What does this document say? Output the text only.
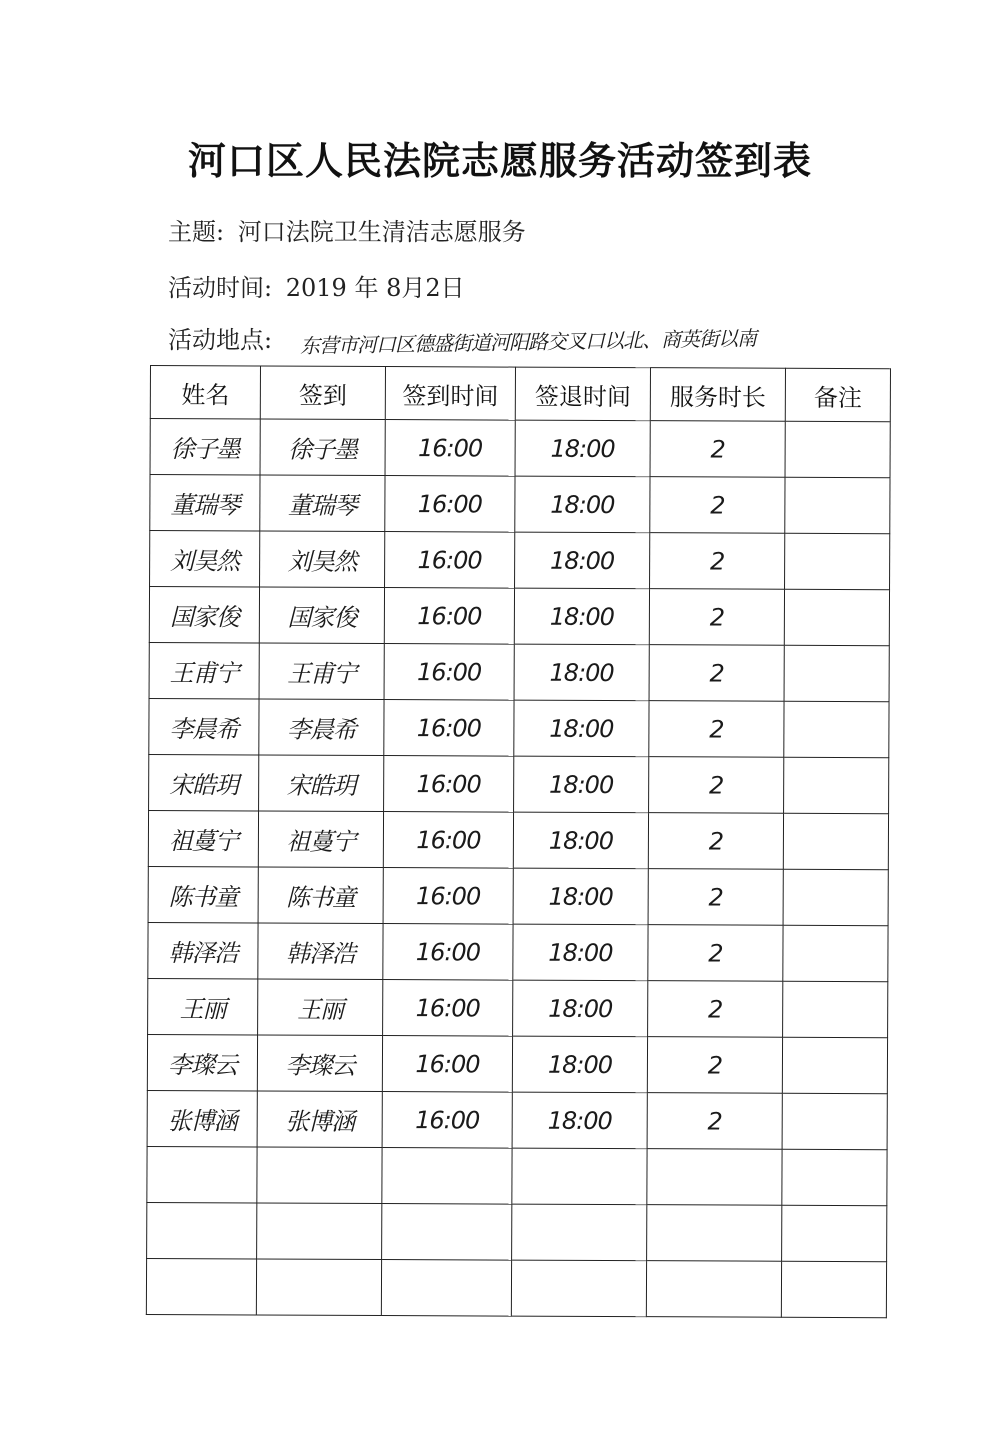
河口区人民法院志愿服务活动签到表
主题: 河口法院卫生清洁志愿服务
活动时间: 2019 年 8月2日
活动地点:	东营市河口区德盛街道河阳路交叉口以北、商英街以南
姓名	签到	签到时间	签退时间	服务时长	备注
徐子墨	徐子墨	16:00	18:00	2	
董瑞琴	董瑞琴	16:00	18:00	2	
刘昊然	刘昊然	16:00	18:00	2	
国家俊	国家俊	16:00	18:00	2	
王甫宁	王甫宁	16:00	18:00	2	
李晨希	李晨希	16:00	18:00	2	
宋皓玥	宋皓玥	16:00	18:00	2	
祖蔓宁	祖蔓宁	16:00	18:00	2	
陈书童	陈书童	16:00	18:00	2	
韩泽浩	韩泽浩	16:00	18:00	2	
王丽	王丽	16:00	18:00	2	
李璨云	李璨云	16:00	18:00	2	
张博涵	张博涵	16:00	18:00	2	
